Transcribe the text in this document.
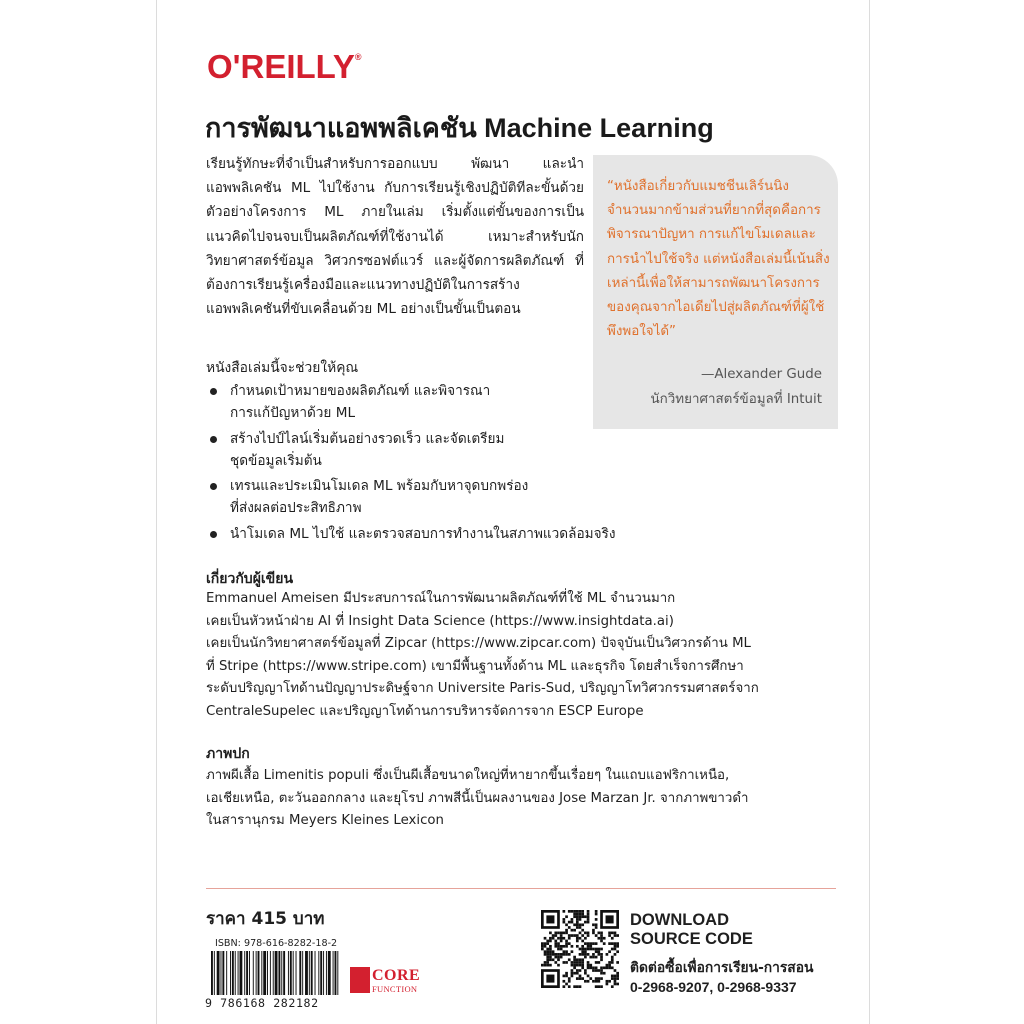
O'REILLY®
การพัฒนาแอพพลิเคชัน Machine Learning

เรียนรู้ทักษะที่จำเป็นสำหรับการออกแบบ พัฒนา และนำแอพพลิเคชัน ML ไปใช้งาน กับการเรียนรู้เชิงปฏิบัติทีละขั้นด้วยตัวอย่างโครงการ ML ภายในเล่ม เริ่มตั้งแต่ขั้นของการเป็นแนวคิดไปจนจบเป็นผลิตภัณฑ์ที่ใช้งานได้ เหมาะสำหรับนักวิทยาศาสตร์ข้อมูล วิศวกรซอฟต์แวร์ และผู้จัดการผลิตภัณฑ์ ที่ต้องการเรียนรู้เครื่องมือและแนวทางปฏิบัติในการสร้างแอพพลิเคชันที่ขับเคลื่อนด้วย ML อย่างเป็นขั้นเป็นตอน

“หนังสือเกี่ยวกับแมชชีนเลิร์นนิงจำนวนมากข้ามส่วนที่ยากที่สุดคือการพิจารณาปัญหา การแก้ไขโมเดลและการนำไปใช้จริง แต่หนังสือเล่มนี้เน้นสิ่งเหล่านี้เพื่อให้สามารถพัฒนาโครงการของคุณจากไอเดียไปสู่ผลิตภัณฑ์ที่ผู้ใช้พึงพอใจได้”

—Alexander Gude

นักวิทยาศาสตร์ข้อมูลที่ Intuit

หนังสือเล่มนี้จะช่วยให้คุณ

กำหนดเป้าหมายของผลิตภัณฑ์ และพิจารณา
การแก้ปัญหาด้วย ML
สร้างไปป์ไลน์เริ่มต้นอย่างรวดเร็ว และจัดเตรียม
ชุดข้อมูลเริ่มต้น
เทรนและประเมินโมเดล ML พร้อมกับหาจุดบกพร่อง
ที่ส่งผลต่อประสิทธิภาพ
นำโมเดล ML ไปใช้ และตรวจสอบการทำงานในสภาพแวดล้อมจริง

เกี่ยวกับผู้เขียน

Emmanuel Ameisen มีประสบการณ์ในการพัฒนาผลิตภัณฑ์ที่ใช้ ML จำนวนมาก
เคยเป็นหัวหน้าฝ่าย AI ที่ Insight Data Science (https://www.insightdata.ai)
เคยเป็นนักวิทยาศาสตร์ข้อมูลที่ Zipcar (https://www.zipcar.com) ปัจจุบันเป็นวิศวกรด้าน ML
ที่ Stripe (https://www.stripe.com) เขามีพื้นฐานทั้งด้าน ML และธุรกิจ โดยสำเร็จการศึกษา
ระดับปริญญาโทด้านปัญญาประดิษฐ์จาก Universite Paris-Sud, ปริญญาโทวิศวกรรมศาสตร์จาก
CentraleSupelec และปริญญาโทด้านการบริหารจัดการจาก ESCP Europe

ภาพปก

ภาพผีเสื้อ Limenitis populi ซึ่งเป็นผีเสื้อขนาดใหญ่ที่หายากขึ้นเรื่อยๆ ในแถบแอฟริกาเหนือ,
เอเชียเหนือ, ตะวันออกกลาง และยุโรป ภาพสีนี้เป็นผลงานของ Jose Marzan Jr. จากภาพขาวดำ
ในสารานุกรม Meyers Kleines Lexicon

ราคา 415 บาท

ISBN: 978-616-8282-18-2

9 786168 282182

CORE
FUNCTION

DOWNLOAD
SOURCE CODE

ติดต่อซื้อเพื่อการเรียน-การสอน

0-2968-9207, 0-2968-9337
